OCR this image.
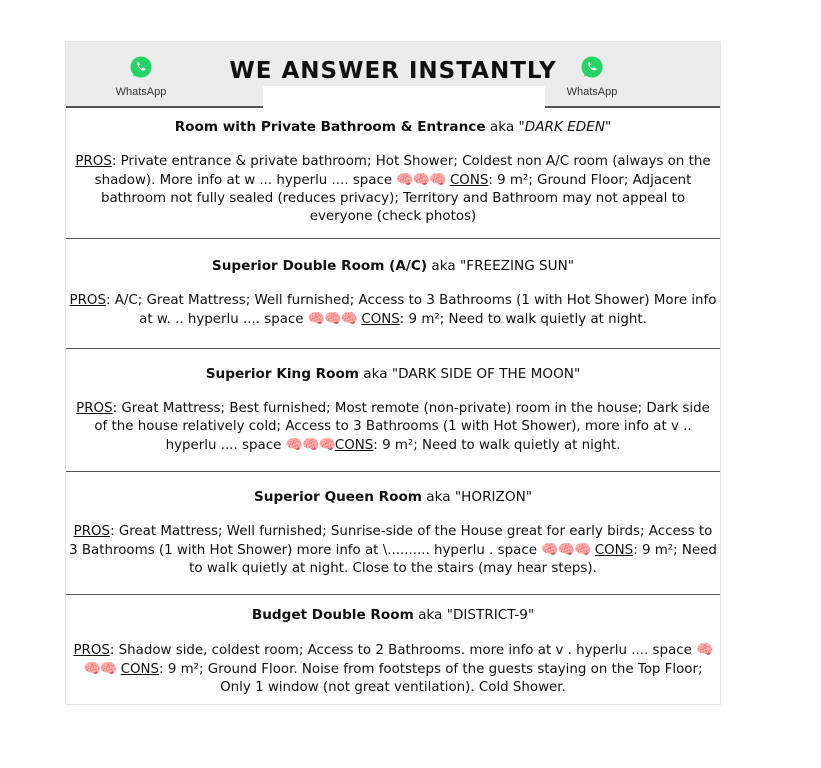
WhatsApp
WE ANSWER INSTANTLY
WhatsApp
Room with Private Bathroom & Entrance aka "DARK EDEN"
PROS: Private entrance & private bathroom; Hot Shower; Coldest non A/C room (always on the shadow). More info at w ... hyperlu .... space 🧠🧠🧠 CONS: 9 m²; Ground Floor; Adjacent bathroom not fully sealed (reduces privacy); Territory and Bathroom may not appeal to everyone (check photos)
Superior Double Room (A/C) aka "FREEZING SUN"
PROS: A/C; Great Mattress; Well furnished; Access to 3 Bathrooms (1 with Hot Shower) More info at w. .. hyperlu .... space 🧠🧠🧠 CONS: 9 m²; Need to walk quietly at night.
Superior King Room aka "DARK SIDE OF THE MOON"
PROS: Great Mattress; Best furnished; Most remote (non-private) room in the house; Dark side of the house relatively cold; Access to 3 Bathrooms (1 with Hot Shower), more info at v .. hyperlu .... space 🧠🧠🧠CONS: 9 m²; Need to walk quietly at night.
Superior Queen Room aka "HORIZON"
PROS: Great Mattress; Well furnished; Sunrise-side of the House great for early birds; Access to 3 Bathrooms (1 with Hot Shower) more info at \.......... hyperlu . space 🧠🧠🧠 CONS: 9 m²; Need to walk quietly at night. Close to the stairs (may hear steps).
Budget Double Room aka "DISTRICT-9"
PROS: Shadow side, coldest room; Access to 2 Bathrooms. more info at v . hyperlu .... space 🧠🧠🧠 CONS: 9 m²; Ground Floor. Noise from footsteps of the guests staying on the Top Floor; Only 1 window (not great ventilation). Cold Shower.
